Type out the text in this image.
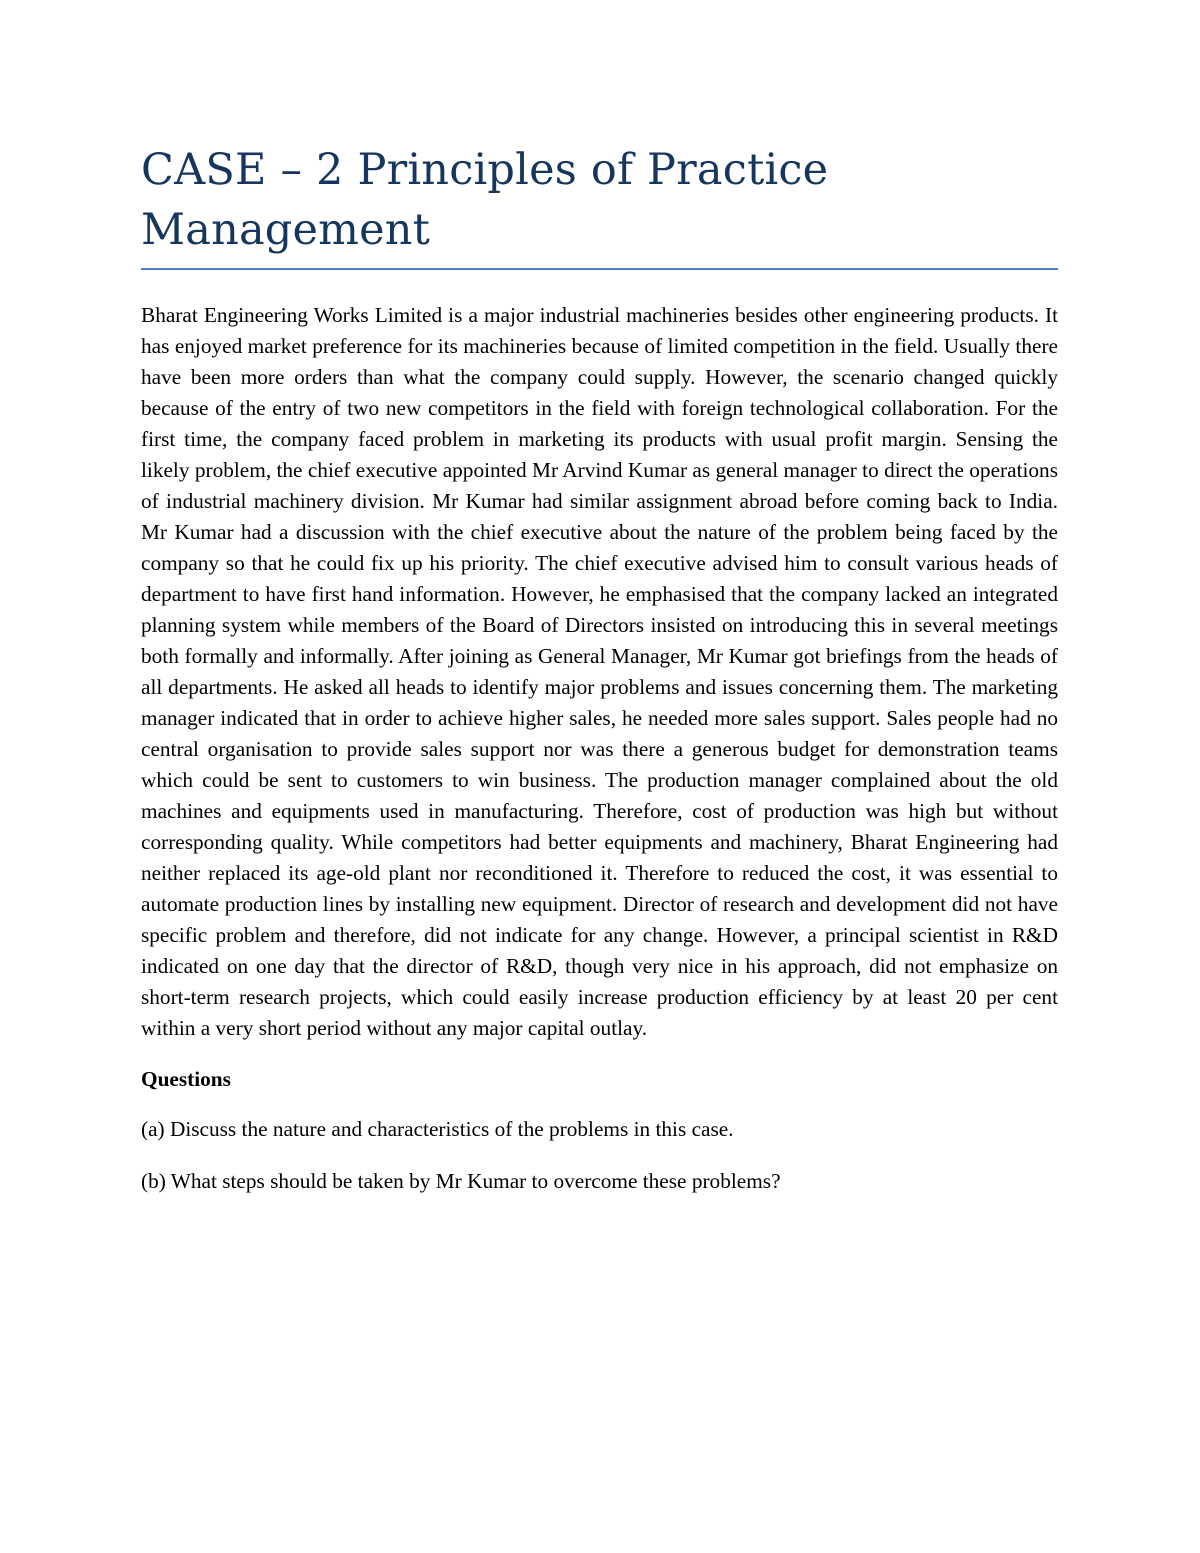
CASE – 2 Principles of Practice Management

Bharat Engineering Works Limited is a major industrial machineries besides other engineering products. It has enjoyed market preference for its machineries because of limited competition in the field. Usually there have been more orders than what the company could supply. However, the scenario changed quickly because of the entry of two new competitors in the field with foreign technological collaboration. For the first time, the company faced problem in marketing its products with usual profit margin. Sensing the likely problem, the chief executive appointed Mr Arvind Kumar as general manager to direct the operations of industrial machinery division. Mr Kumar had similar assignment abroad before coming back to India. Mr Kumar had a discussion with the chief executive about the nature of the problem being faced by the company so that he could fix up his priority. The chief executive advised him to consult various heads of department to have first hand information. However, he emphasised that the company lacked an integrated planning system while members of the Board of Directors insisted on introducing this in several meetings both formally and informally. After joining as General Manager, Mr Kumar got briefings from the heads of all departments. He asked all heads to identify major problems and issues concerning them. The marketing manager indicated that in order to achieve higher sales, he needed more sales support. Sales people had no central organisation to provide sales support nor was there a generous budget for demonstration teams which could be sent to customers to win business. The production manager complained about the old machines and equipments used in manufacturing. Therefore, cost of production was high but without corresponding quality. While competitors had better equipments and machinery, Bharat Engineering had neither replaced its age-old plant nor reconditioned it. Therefore to reduced the cost, it was essential to automate production lines by installing new equipment. Director of research and development did not have specific problem and therefore, did not indicate for any change. However, a principal scientist in R&D indicated on one day that the director of R&D, though very nice in his approach, did not emphasize on short-term research projects, which could easily increase production efficiency by at least 20 per cent within a very short period without any major capital outlay.

Questions

(a) Discuss the nature and characteristics of the problems in this case.

(b) What steps should be taken by Mr Kumar to overcome these problems?
